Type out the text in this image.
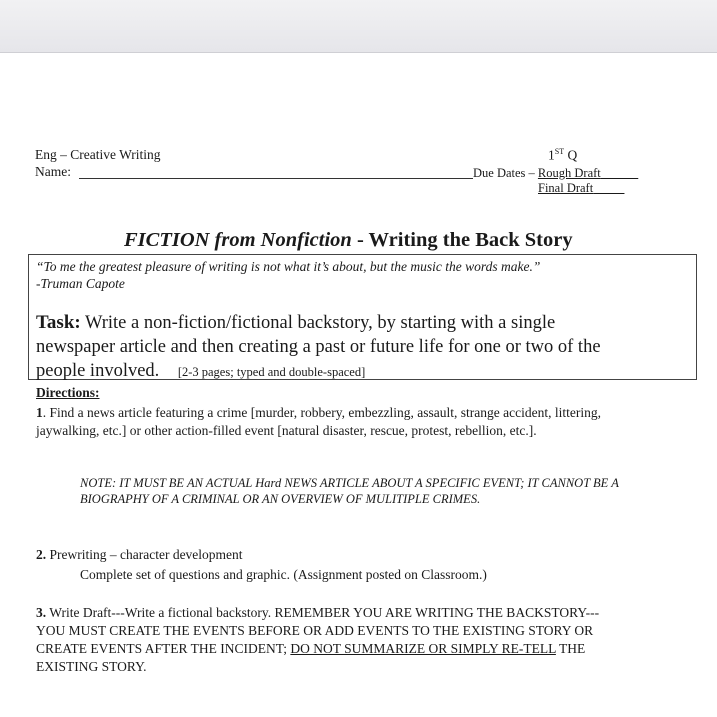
Eng – Creative Writing
Name:
1ST Q
Due Dates – Rough Draft
Final Draft
FICTION from Nonfiction - Writing the Back Story
“To me the greatest pleasure of writing is not what it’s about, but the music the words make.”
-Truman Capote
Task: Write a non-fiction/fictional backstory, by starting with a single
newspaper article and then creating a past or future life for one or two of the
people involved. [2-3 pages; typed and double-spaced]
Directions:
1. Find a news article featuring a crime [murder, robbery, embezzling, assault, strange accident, littering,
jaywalking, etc.] or other action-filled event [natural disaster, rescue, protest, rebellion, etc.].
NOTE: IT MUST BE AN ACTUAL Hard NEWS ARTICLE ABOUT A SPECIFIC EVENT; IT CANNOT BE A
BIOGRAPHY OF A CRIMINAL OR AN OVERVIEW OF MULITIPLE CRIMES.
2. Prewriting – character development
Complete set of questions and graphic. (Assignment posted on Classroom.)
3. Write Draft---Write a fictional backstory. REMEMBER YOU ARE WRITING THE BACKSTORY---
YOU MUST CREATE THE EVENTS BEFORE OR ADD EVENTS TO THE EXISTING STORY OR
CREATE EVENTS AFTER THE INCIDENT; DO NOT SUMMARIZE OR SIMPLY RE-TELL THE
EXISTING STORY.
